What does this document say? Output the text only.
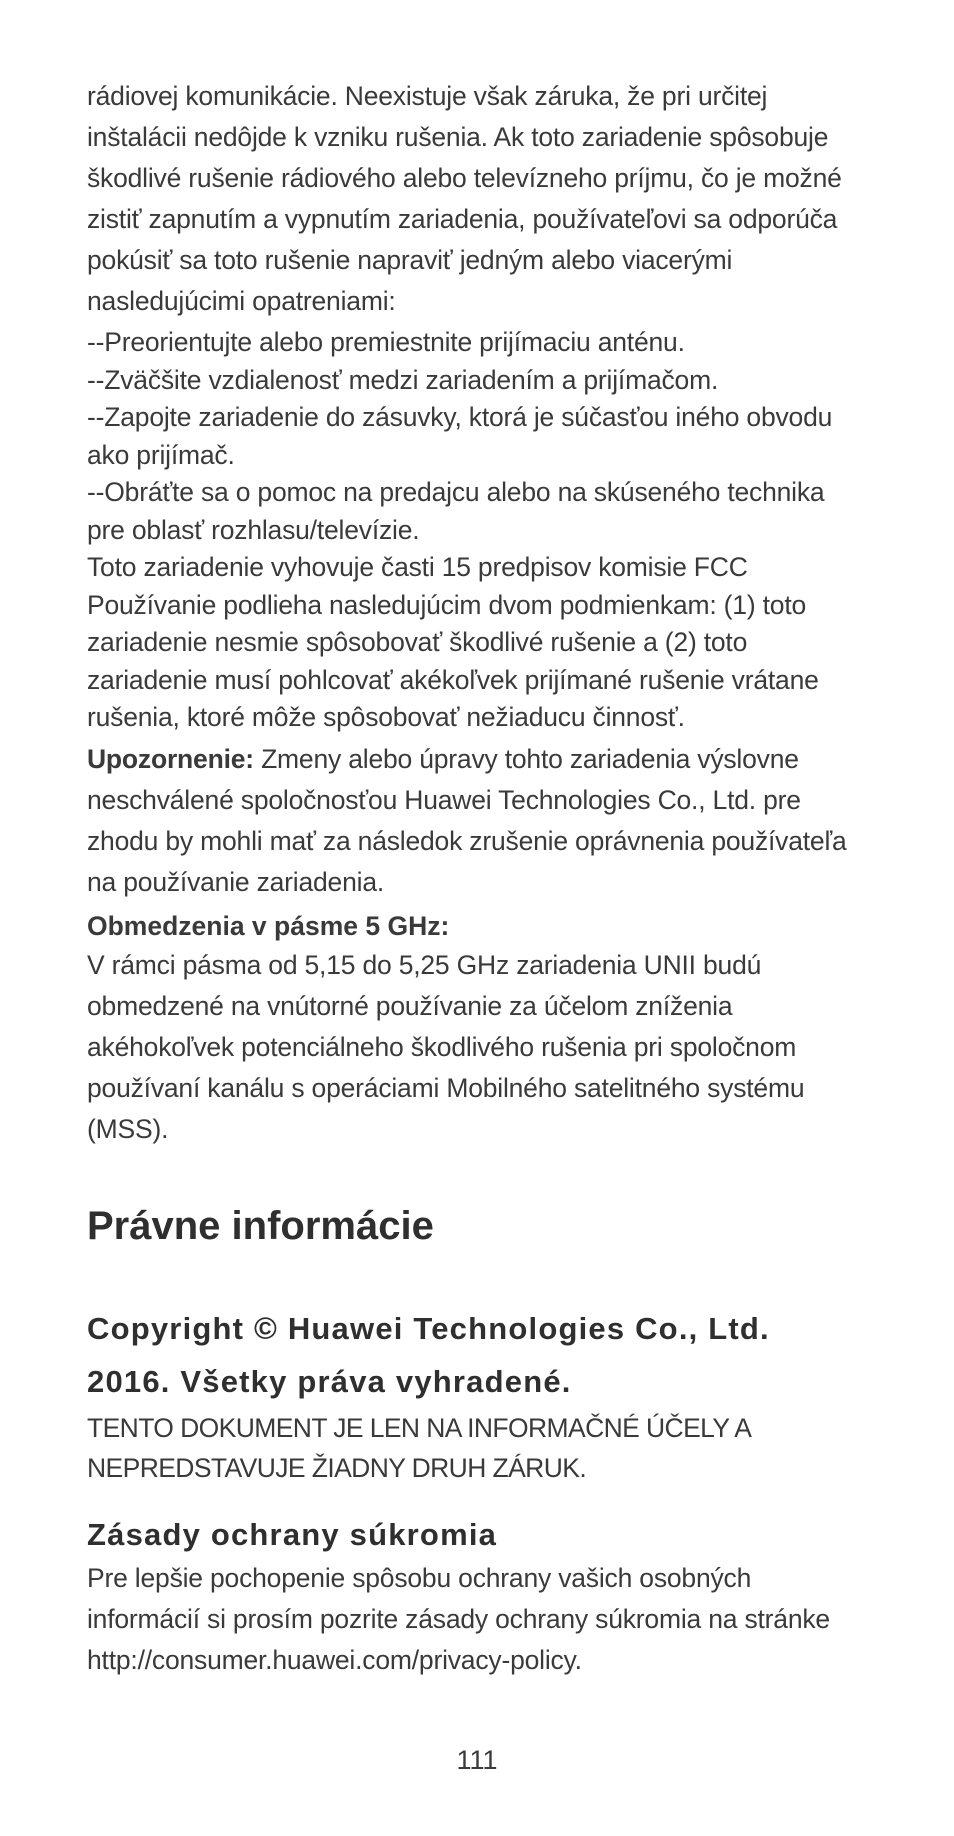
rádiovej komunikácie. Neexistuje však záruka, že pri určitej
inštalácii nedôjde k vzniku rušenia. Ak toto zariadenie spôsobuje
škodlivé rušenie rádiového alebo televízneho príjmu, čo je možné
zistiť zapnutím a vypnutím zariadenia, používateľovi sa odporúča
pokúsiť sa toto rušenie napraviť jedným alebo viacerými
nasledujúcimi opatreniami:

--Preorientujte alebo premiestnite prijímaciu anténu.
--Zväčšite vzdialenosť medzi zariadením a prijímačom.
--Zapojte zariadenie do zásuvky, ktorá je súčasťou iného obvodu
ako prijímač.
--Obráťte sa o pomoc na predajcu alebo na skúseného technika
pre oblasť rozhlasu/televízie.
Toto zariadenie vyhovuje časti 15 predpisov komisie FCC
Používanie podlieha nasledujúcim dvom podmienkam: (1) toto
zariadenie nesmie spôsobovať škodlivé rušenie a (2) toto
zariadenie musí pohlcovať akékoľvek prijímané rušenie vrátane
rušenia, ktoré môže spôsobovať nežiaducu činnosť.

Upozornenie: Zmeny alebo úpravy tohto zariadenia výslovne
neschválené spoločnosťou Huawei Technologies Co., Ltd. pre
zhodu by mohli mať za následok zrušenie oprávnenia používateľa
na používanie zariadenia.

Obmedzenia v pásme 5 GHz:

V rámci pásma od 5,15 do 5,25 GHz zariadenia UNII budú
obmedzené na vnútorné používanie za účelom zníženia
akéhokoľvek potenciálneho škodlivého rušenia pri spoločnom
používaní kanálu s operáciami Mobilného satelitného systému
(MSS).

Právne informácie
Copyright © Huawei Technologies Co., Ltd.
2016. Všetky práva vyhradené.

TENTO DOKUMENT JE LEN NA INFORMAČNÉ ÚČELY A
NEPREDSTAVUJE ŽIADNY DRUH ZÁRUK.

Zásady ochrany súkromia

Pre lepšie pochopenie spôsobu ochrany vašich osobných
informácií si prosím pozrite zásady ochrany súkromia na stránke
http://consumer.huawei.com/privacy-policy.

111
